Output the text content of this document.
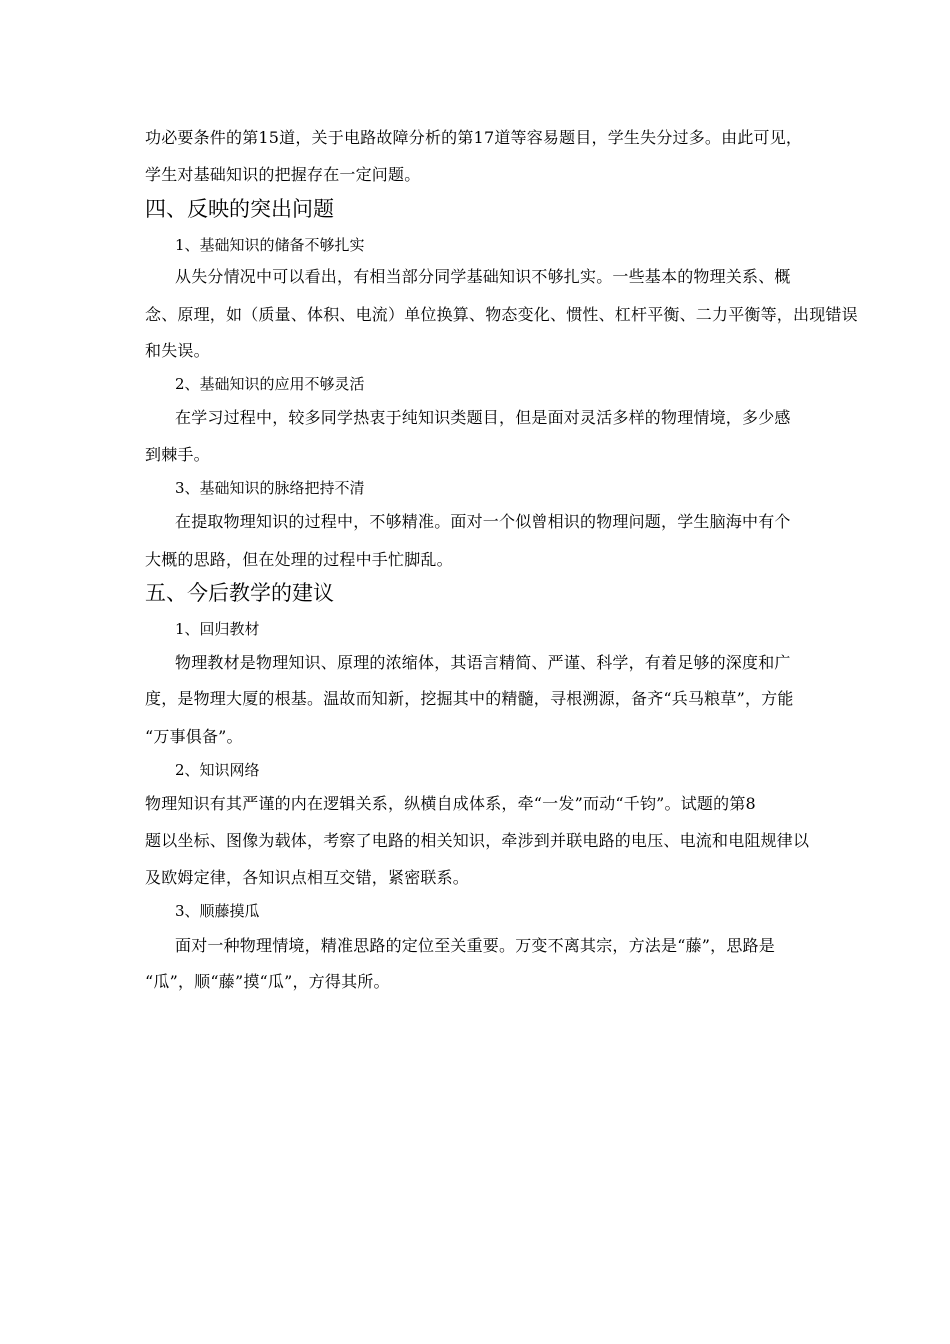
功必要条件的第15道，关于电路故障分析的第17道等容易题目，学生失分过多。由此可见，
学生对基础知识的把握存在一定问题。
四、反映的突出问题
1、基础知识的储备不够扎实
从失分情况中可以看出，有相当部分同学基础知识不够扎实。一些基本的物理关系、概
念、原理，如（质量、体积、电流）单位换算、物态变化、惯性、杠杆平衡、二力平衡等，出现错误
和失误。
2、基础知识的应用不够灵活
在学习过程中，较多同学热衷于纯知识类题目，但是面对灵活多样的物理情境，多少感
到棘手。
3、基础知识的脉络把持不清
在提取物理知识的过程中，不够精准。面对一个似曾相识的物理问题，学生脑海中有个
大概的思路，但在处理的过程中手忙脚乱。
五、今后教学的建议
1、回归教材
物理教材是物理知识、原理的浓缩体，其语言精简、严谨、科学，有着足够的深度和广
度，是物理大厦的根基。温故而知新，挖掘其中的精髓，寻根溯源，备齐“兵马粮草”，方能
“万事俱备”。
2、知识网络
物理知识有其严谨的内在逻辑关系，纵横自成体系，牵“一发”而动“千钧”。试题的第8
题以坐标、图像为载体，考察了电路的相关知识，牵涉到并联电路的电压、电流和电阻规律以
及欧姆定律，各知识点相互交错，紧密联系。
3、顺藤摸瓜
面对一种物理情境，精准思路的定位至关重要。万变不离其宗，方法是“藤”，思路是
“瓜”，顺“藤”摸“瓜”，方得其所。
